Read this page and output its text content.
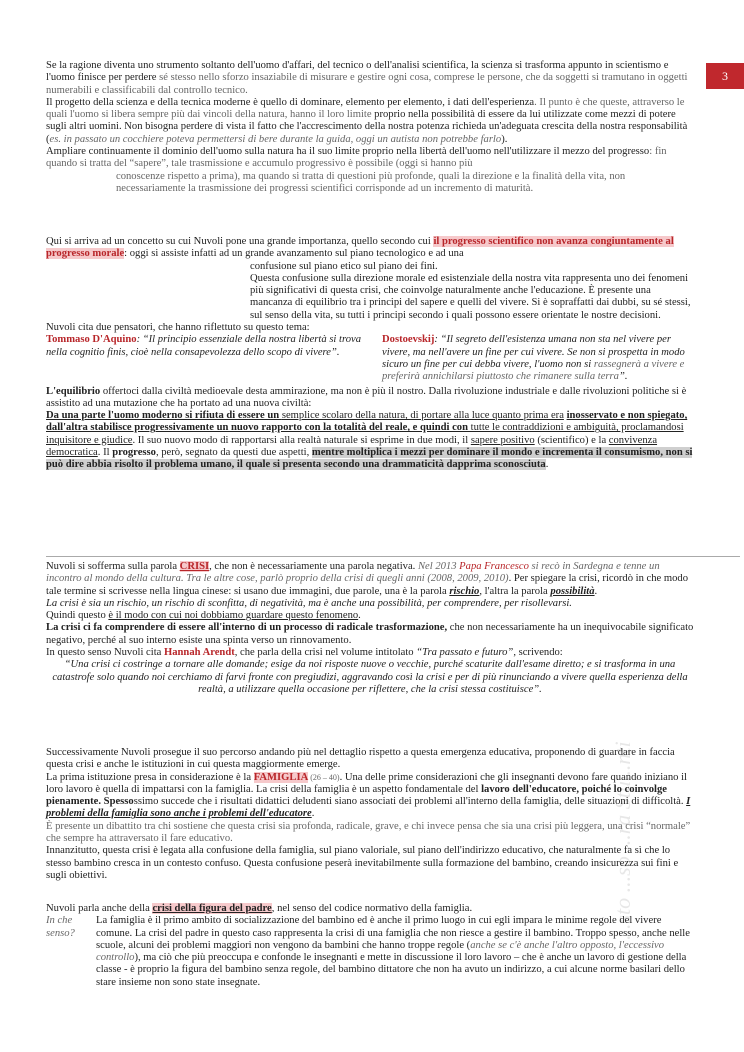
3
...sto ...so ...ra Stu...nti

Se la ragione diventa uno strumento soltanto dell'uomo d'affari, del tecnico o dell'analisi scientifica, la scienza si trasforma appunto in scientismo e l'uomo finisce per perdere sé stesso nello sforzo insaziabile di misurare e gestire ogni cosa, comprese le persone, che da soggetti si tramutano in oggetti numerabili e classificabili dal controllo tecnico.

Il progetto della scienza e della tecnica moderne è quello di dominare, elemento per elemento, i dati dell'esperienza. Il punto è che queste, attraverso le quali l'uomo si libera sempre più dai vincoli della natura, hanno il loro limite proprio nella possibilità di essere da lui utilizzate come mezzi di potere sugli altri uomini. Non bisogna perdere di vista il fatto che l'accrescimento della nostra potenza richieda un'adeguata crescita della nostra responsabilità (es. in passato un cocchiere poteva permettersi di bere durante la guida, oggi un autista non potrebbe farlo).

Ampliare continuamente il dominio dell'uomo sulla natura ha il suo limite proprio nella libertà dell'uomo nell'utilizzare il mezzo del progresso: fin quando si tratta del “sapere”, tale trasmissione e accumulo progressivo è possibile (oggi si hanno più

conoscenze rispetto a prima), ma quando si tratta di questioni più profonde, quali la direzione e la finalità della vita, non necessariamente la trasmissione dei progressi scientifici corrisponde ad un incremento di maturità.

Qui si arriva ad un concetto su cui Nuvoli pone una grande importanza, quello secondo cui il progresso scientifico non avanza congiuntamente al progresso morale: oggi si assiste infatti ad un grande avanzamento sul piano tecnologico e ad una

confusione sul piano etico sul piano dei fini.

Questa confusione sulla direzione morale ed esistenziale della nostra vita rappresenta uno dei fenomeni più significativi di questa crisi, che coinvolge naturalmente anche l'educazione. È presente una mancanza di equilibrio tra i principi del sapere e quelli del vivere. Si è sopraffatti dai dubbi, su sé stessi, sul senso della vita, su tutti i principi secondo i quali possono essere orientate le nostre decisioni.

Nuvoli cita due pensatori, che hanno riflettuto su questo tema:

Tommaso D'Aquino: “Il principio essenziale della nostra libertà si trova nella cognitio finis, cioè nella consapevolezza dello scopo di vivere”.

Dostoevskij: “Il segreto dell'esistenza umana non sta nel vivere per vivere, ma nell'avere un fine per cui vivere. Se non si prospetta in modo sicuro un fine per cui debba vivere, l'uomo non si rassegnerà a vivere e preferirà annichilarsi piuttosto che rimanere sulla terra”.

L'equilibrio offertoci dalla civiltà medioevale desta ammirazione, ma non è più il nostro. Dalla rivoluzione industriale e dalle rivoluzioni politiche si è assistito ad una mutazione che ha portato ad una nuova civiltà:

Da una parte l'uomo moderno si rifiuta di essere un semplice scolaro della natura, di portare alla luce quanto prima era inosservato e non spiegato, dall'altra stabilisce progressivamente un nuovo rapporto con la totalità del reale, e quindi con tutte le contraddizioni e ambiguità, proclamandosi inquisitore e giudice. Il suo nuovo modo di rapportarsi alla realtà naturale si esprime in due modi, il sapere positivo (scientifico) e la convivenza democratica. Il progresso, però, segnato da questi due aspetti, mentre moltiplica i mezzi per dominare il mondo e incrementa il consumismo, non si può dire abbia risolto il problema umano, il quale si presenta secondo una drammaticità dapprima sconosciuta.

Nuvoli si sofferma sulla parola CRISI, che non è necessariamente una parola negativa. Nel 2013 Papa Francesco si recò in Sardegna e tenne un incontro al mondo della cultura. Tra le altre cose, parlò proprio della crisi di quegli anni (2008, 2009, 2010). Per spiegare la crisi, ricordò in che modo tale termine si scrivesse nella lingua cinese: si usano due immagini, due parole, una è la parola rischio, l'altra la parola possibilità.

La crisi è sia un rischio, un rischio di sconfitta, di negatività, ma è anche una possibilità, per comprendere, per risollevarsi.

Quindi questo è il modo con cui noi dobbiamo guardare questo fenomeno.

La crisi ci fa comprendere di essere all'interno di un processo di radicale trasformazione, che non necessariamente ha un inequivocabile significato negativo, perché al suo interno esiste una spinta verso un rinnovamento.

In questo senso Nuvoli cita Hannah Arendt, che parla della crisi nel volume intitolato “Tra passato e futuro”, scrivendo:

“Una crisi ci costringe a tornare alle domande; esige da noi risposte nuove o vecchie, purché scaturite dall'esame diretto; e si trasforma in una catastrofe solo quando noi cerchiamo di farvi fronte con pregiudizi, aggravando così la crisi e per di più rinunciando a vivere quella esperienza della realtà, a utilizzare quella occasione per riflettere, che la crisi stessa costituisce”.

Successivamente Nuvoli prosegue il suo percorso andando più nel dettaglio rispetto a questa emergenza educativa, proponendo di guardare in faccia questa crisi e anche le istituzioni in cui questa maggiormente emerge.

La prima istituzione presa in considerazione è la FAMIGLIA (26 – 40). Una delle prime considerazioni che gli insegnanti devono fare quando iniziano il loro lavoro è quella di impattarsi con la famiglia. La crisi della famiglia è un aspetto fondamentale del lavoro dell'educatore, poiché lo coinvolge pienamente. Spessossimo succede che i risultati didattici deludenti siano associati dei problemi all'interno della famiglia, delle situazioni di difficoltà. I problemi della famiglia sono anche i problemi dell'educatore.

È presente un dibattito tra chi sostiene che questa crisi sia profonda, radicale, grave, e chi invece pensa che sia una crisi più leggera, una crisi “normale” che sempre ha attraversato il fare educativo.

Innanzitutto, questa crisi è legata alla confusione della famiglia, sul piano valoriale, sul piano dell'indirizzo educativo, che naturalmente fa sì che lo stesso bambino cresca in un contesto confuso. Questa confusione peserà inevitabilmente sulla formazione del bambino, creando insicurezza sui fini e sugli obiettivi.

Nuvoli parla anche della crisi della figura del padre, nel senso del codice normativo della famiglia.

In che senso?

La famiglia è il primo ambito di socializzazione del bambino ed è anche il primo luogo in cui egli impara le minime regole del vivere comune. La crisi del padre in questo caso rappresenta la crisi di una famiglia che non riesce a gestire il bambino. Troppo spesso, anche nelle scuole, alcuni dei problemi maggiori non vengono da bambini che hanno troppe regole (anche se c'è anche l'altro opposto, l'eccessivo controllo), ma ciò che più preoccupa e confonde le insegnanti e mette in discussione il loro lavoro – che è anche un lavoro di gestione della classe - è proprio la figura del bambino senza regole, del bambino dittatore che non ha avuto un indirizzo, a cui alcune norme basilari dello stare insieme non sono state insegnate.
